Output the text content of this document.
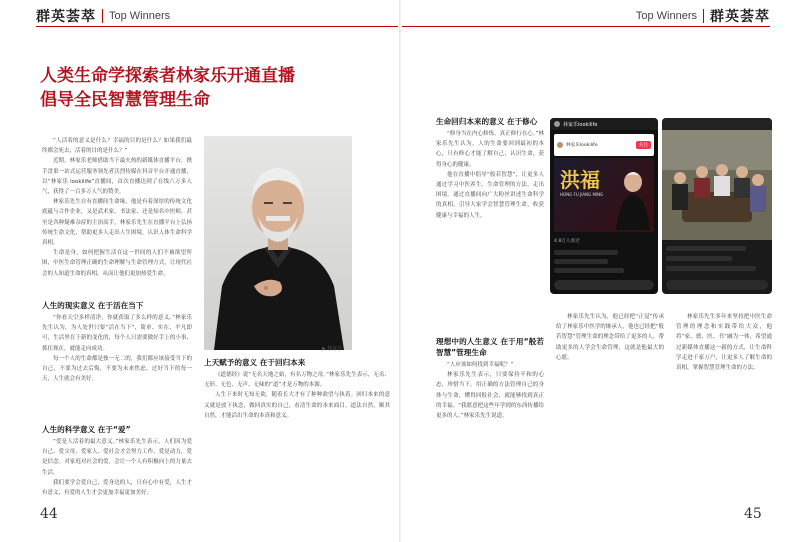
群英荟萃 Top Winners	Top Winners 群英荟萃
人类生命学探索者林家乐开通直播
倡导全民智慧管理生命

“人活着的意义是什么？幸福的目的是什么？如果我们最终都会死去，活着的目的是什么？”

近期，林家乐老师借助当下最火热的新媒体直播平台，携手盘渠一站式运营服务领先者沃烈传媒在抖音平台开通直播，以“林家乐 lookilife”直播间，首次直播达到了在线六万多人气，获得了一百多万人气的赞美。

林家乐先生自有直播间生命缘，他是有着深厚的传统文化底蕴与合作企业，又是武术家、书法家、还是知名中医师，甚至是各种疑难杂症的主治高手，林家乐先生在直播平台上弘扬传统生命文化，帮助更多人走出人生困境，认识人体生命科学真相。

生命是身，如何把握生活在这一世间的人们不被欲望所困，中医生命管理正确的生命理解与生命管理方式，让现代社会的人知道生命的真相，从而让他们更加热爱生命。

人生的现实意义 在于活在当下

“你看天空多样清净，你就获取了多么样的意义。”林家乐先生认为，为人处世只要“活在当下”，简单、实在、平凡即可，生活里在于新的变化的，每个人只需要做好手上的小事，抓住现在，就能走向成功。

每一个人的生命都是独一无二的，我们都应该接受当下的自己，不要为过去后悔，不要为未来焦虑，过好当下的每一天，人生就会有美好。

人生的科学意义 在于“爱”

“爱是人活着的最大意义。”林家乐先生表示，人们因为爱自己、爱父母、爱家人、爱社会才会努力工作、爱是动力，爱是信念。对家庭对社会的爱，会让一个人有积极向上的力量去生活。

我们要学会爱自己、爱身边的人，只有心中有爱，人生才有意义，有爱的人生才会更加幸福更加美好。

▶ 林家乐
上天赋予的意义 在于回归本来

《道德经》说“无名天地之始，有名万物之母。”林家乐先生表示，无名、无形、无色、无声、无味的“道”才是万物的本源。

人生下来时无知无欲，随着长大才有了种种欲望与执着。回归本来的意义就是放下执念，做回真实的自己，看清生命的本来面目。道法自然，顺其自然，才能活出生命的本真和意义。

生命回归本来的意义 在于修心

“修身当在内心修炼，真正修行在心。”林家乐先生认为，人的生命要回到最初的本心，只有修心才能了解自己，认识生命，获得身心的健康。

他在直播中倡导“般若智慧”，让更多人通过学习中医养生、生命管理的方法，走出困境。通过直播间向广大粉丝讲述生命科学的真相，引导大家学会智慧管理生命，收获健康与幸福的人生。

林家乐lookilife
林家乐lookilife	关注
洪福
HONG FU JIANG MING
4.8万人看过
理想中的人生意义 在于用“般若智慧”管理生命

“人应该如何找到幸福呢？”

林家乐先生表示，只要保持平和的心态，珍惜当下，用正确的方法管理自己的身体与生命，懂得回报社会，就能够找到真正的幸福。“我愿意把这些年学到的东西传播给更多的人。”林家乐先生说道。

林家乐先生认为，他已经把“正觉”传承给了林家乐中医学的继承人，他也已经把“般若智慧”管理生命的理念带给了更多的人，帮助更多的人学会生命管理，这就是他最大的心愿。

林家乐先生多年来坚持把中医生命管理的理念和实践带给大众，他将“家、德、医、书”融为一体，希望通过新媒体直播这一新的方式，让生命科学走进千家万户，让更多人了解生命的真相，掌握智慧管理生命的方法。

44	45
